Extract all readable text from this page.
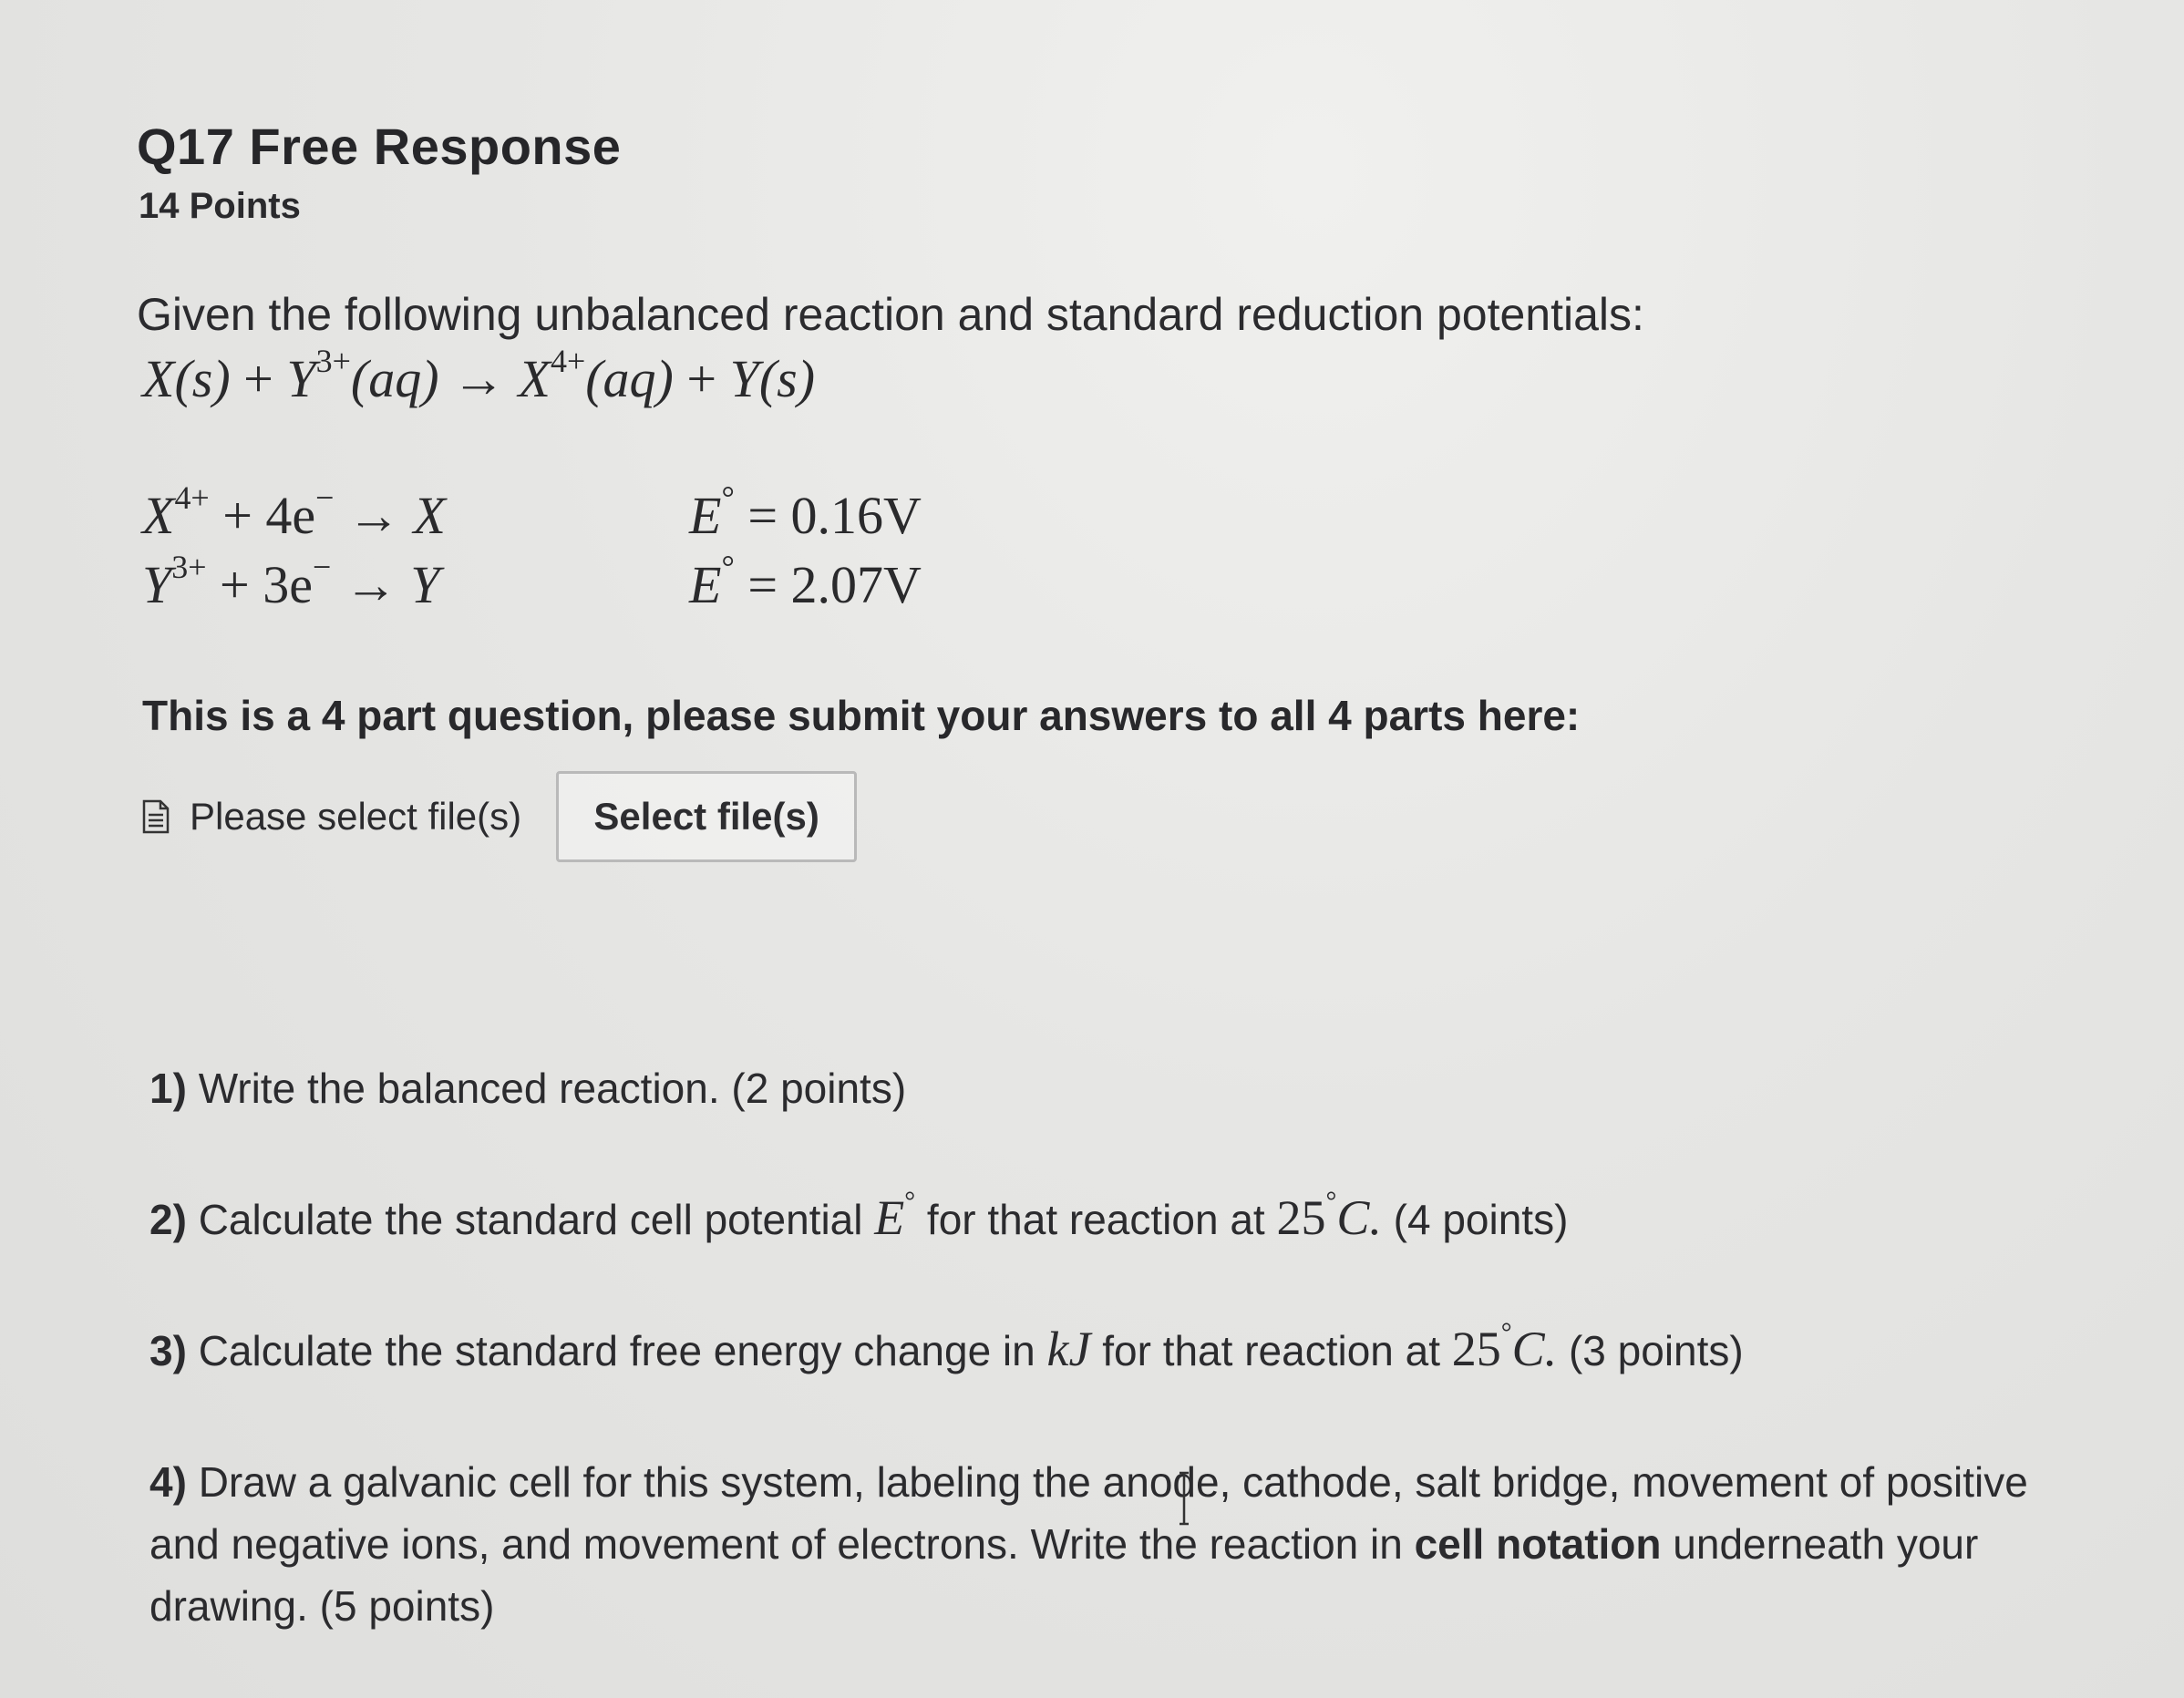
Q17 Free Response
14 Points
Given the following unbalanced reaction and standard reduction potentials:
$X(s) + Y^{3+}(aq) \to X^{4+}(aq) + Y(s)$
$X^{4+} + 4e^- \to X$	E° = 0.16V
$Y^{3+} + 3e^- \to Y$	E° = 2.07V
This is a 4 part question, please submit your answers to all 4 parts here:
Please select file(s)	Select file(s)
1) Write the balanced reaction. (2 points)
2) Calculate the standard cell potential E° for that reaction at 25°C. (4 points)
3) Calculate the standard free energy change in kJ for that reaction at 25°C. (3 points)
4) Draw a galvanic cell for this system, labeling the anode, cathode, salt bridge, movement of positive and negative ions, and movement of electrons. Write the reaction in cell notation underneath your drawing. (5 points)
